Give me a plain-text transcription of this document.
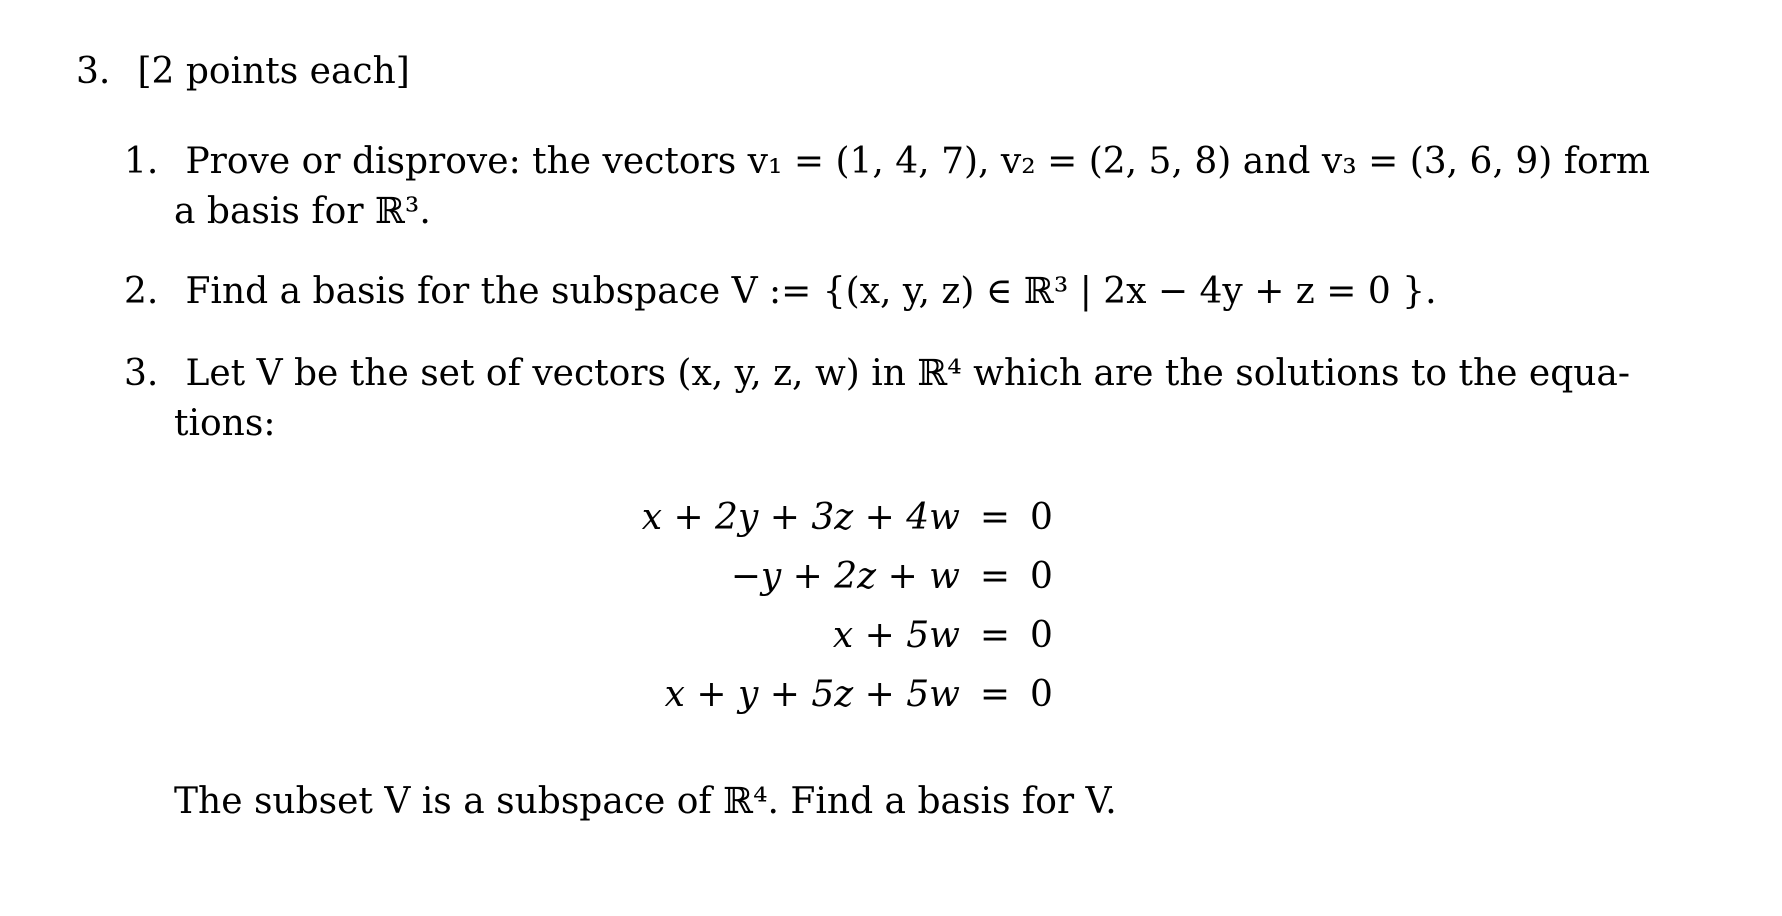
3. [2 points each]
1. Prove or disprove: the vectors v₁ = (1, 4, 7), v₂ = (2, 5, 8) and v₃ = (3, 6, 9) form
a basis for ℝ³.
2. Find a basis for the subspace V := {(x, y, z) ∈ ℝ³ | 2x − 4y + z = 0 }.
3. Let V be the set of vectors (x, y, z, w) in ℝ⁴ which are the solutions to the equa-
tions:
x + 2y + 3z + 4w	=	0
−y + 2z + w	=	0
x + 5w	=	0
x + y + 5z + 5w	=	0
The subset V is a subspace of ℝ⁴. Find a basis for V.
